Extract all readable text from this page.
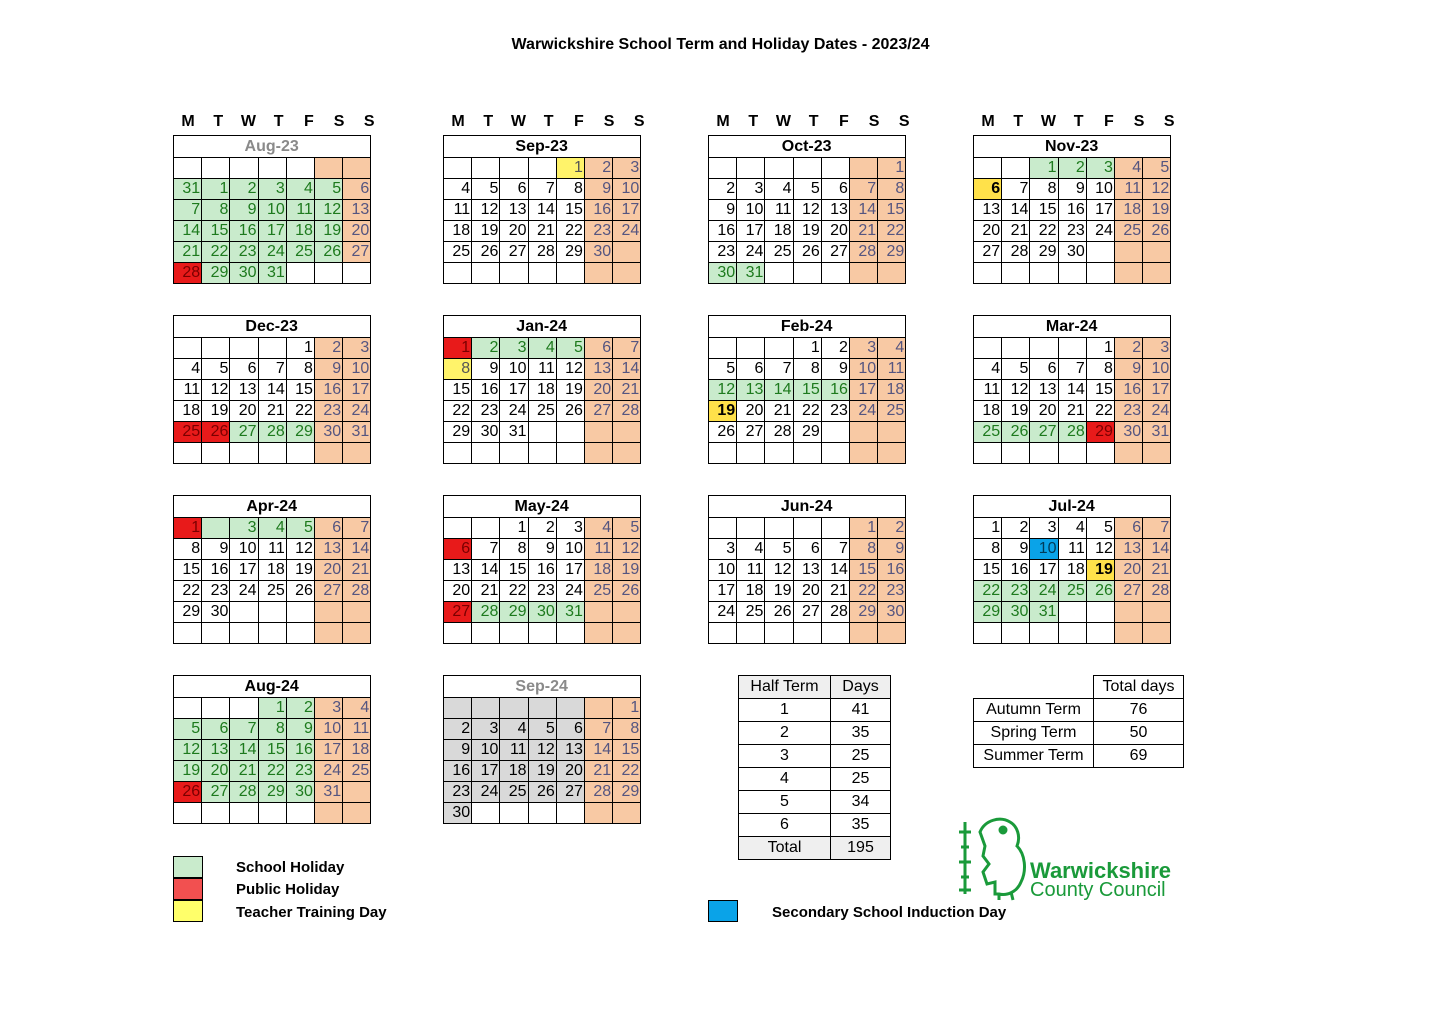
Warwickshire School Term and Holiday Dates - 2023/24
M	T	W	T	F	S	S	M	T	W	T	F	S	S	M	T	W	T	F	S	S	M	T	W	T	F	S	S
Aug-23						

31	1	2	3	4	5	6
7	8	9	10	11	12	13
14	15	16	17	18	19	20
21	22	23	24	25	26	27
28	29	30	31			
Sep-23						
				1	2	3
4	5	6	7	8	9	10
11	12	13	14	15	16	17
18	19	20	21	22	23	24
25	26	27	28	29	30	

Oct-23						
						1
2	3	4	5	6	7	8
9	10	11	12	13	14	15
16	17	18	19	20	21	22
23	24	25	26	27	28	29
30	31					
Nov-23						
		1	2	3	4	5
6	7	8	9	10	11	12
13	14	15	16	17	18	19
20	21	22	23	24	25	26
27	28	29	30			

Dec-23						
				1	2	3
4	5	6	7	8	9	10
11	12	13	14	15	16	17
18	19	20	21	22	23	24
25	26	27	28	29	30	31

Jan-24						
1	2	3	4	5	6	7
8	9	10	11	12	13	14
15	16	17	18	19	20	21
22	23	24	25	26	27	28
29	30	31				

Feb-24						
			1	2	3	4
5	6	7	8	9	10	11
12	13	14	15	16	17	18
19	20	21	22	23	24	25
26	27	28	29			

Mar-24						
				1	2	3
4	5	6	7	8	9	10
11	12	13	14	15	16	17
18	19	20	21	22	23	24
25	26	27	28	29	30	31

Apr-24						
1		3	4	5	6	7
8	9	10	11	12	13	14
15	16	17	18	19	20	21
22	23	24	25	26	27	28
29	30					

May-24						
		1	2	3	4	5
6	7	8	9	10	11	12
13	14	15	16	17	18	19
20	21	22	23	24	25	26
27	28	29	30	31		

Jun-24						
					1	2
3	4	5	6	7	8	9
10	11	12	13	14	15	16
17	18	19	20	21	22	23
24	25	26	27	28	29	30

Jul-24						
1	2	3	4	5	6	7
8	9	10	11	12	13	14
15	16	17	18	19	20	21
22	23	24	25	26	27	28
29	30	31				

Aug-24						
			1	2	3	4
5	6	7	8	9	10	11
12	13	14	15	16	17	18
19	20	21	22	23	24	25
26	27	28	29	30	31	

Sep-24						
						1
2	3	4	5	6	7	8
9	10	11	12	13	14	15
16	17	18	19	20	21	22
23	24	25	26	27	28	29
30						
Half Term	Days
1	41
2	35
3	25
4	25
5	34
6	35
Total	195
	Total days
Autumn Term	76
Spring Term	50
Summer Term	69
School Holiday
Public Holiday
Teacher Training Day	Secondary School Induction Day
Warwickshire
County Council
